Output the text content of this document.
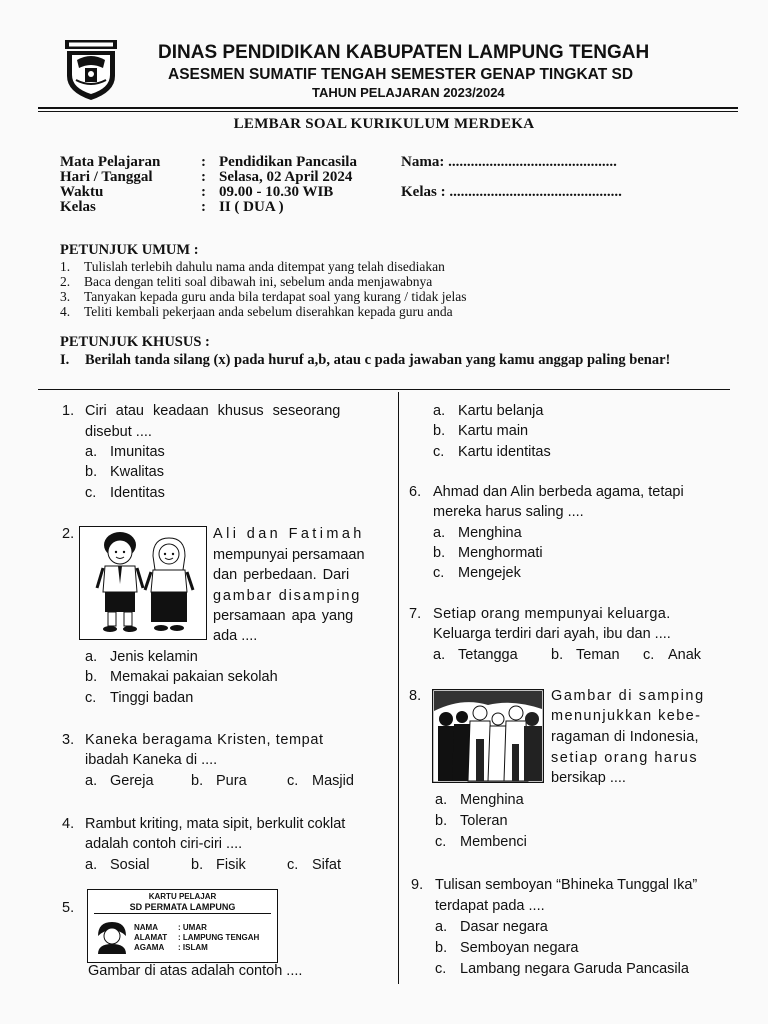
DINAS PENDIDIKAN KABUPATEN LAMPUNG TENGAH
ASESMEN SUMATIF TENGAH SEMESTER GENAP TINGKAT SD
TAHUN PELAJARAN 2023/2024
LEMBAR SOAL KURIKULUM MERDEKA
Mata Pelajaran	: Pendidikan Pancasila
Hari / Tanggal	: Selasa, 02 April 2024
Waktu	: 09.00 - 10.30 WIB
Kelas	: II ( DUA )
Nama: .............................................
Kelas : ..............................................
PETUNJUK UMUM :
1. Tulislah terlebih dahulu nama anda ditempat yang telah disediakan
2. Baca dengan teliti soal dibawah ini, sebelum anda menjawabnya
3. Tanyakan kepada guru anda bila terdapat soal yang kurang / tidak jelas
4. Teliti kembali pekerjaan anda sebelum diserahkan kepada guru anda
PETUNJUK KHUSUS :
I. Berilah tanda silang (x) pada huruf a,b, atau c pada jawaban yang kamu anggap paling benar!
1. Ciri atau keadaan khusus seseorang
disebut ....
a. Imunitas
b. Kwalitas
c. Identitas
2.	Ali dan Fatimah
mempunyai persamaan
dan perbedaan. Dari
gambar disamping
persamaan apa yang
ada ....
a. Jenis kelamin
b. Memakai pakaian sekolah
c. Tinggi badan
3. Kaneka beragama Kristen, tempat
ibadah Kaneka di ....
a. Gereja	b. Pura	c. Masjid
4. Rambut kriting, mata sipit, berkulit coklat
adalah contoh ciri-ciri ....
a. Sosial	b. Fisik	c. Sifat
5.
KARTU PELAJAR
SD PERMATA LAMPUNG
NAMA	: UMAR
ALAMAT : LAMPUNG TENGAH
AGAMA : ISLAM
Gambar di atas adalah contoh ....
a. Kartu belanja
b. Kartu main
c. Kartu identitas
6. Ahmad dan Alin berbeda agama, tetapi
mereka harus saling ....
a. Menghina
b. Menghormati
c. Mengejek
7. Setiap orang mempunyai keluarga.
Keluarga terdiri dari ayah, ibu dan ....
a. Tetangga b. Teman c. Anak
8.	Gambar di samping
menunjukkan kebe-
ragaman di Indonesia,
setiap orang harus
bersikap ....
a. Menghina
b. Toleran
c. Membenci
9. Tulisan semboyan “Bhineka Tunggal Ika”
terdapat pada ....
a. Dasar negara
b. Semboyan negara
c. Lambang negara Garuda Pancasila
